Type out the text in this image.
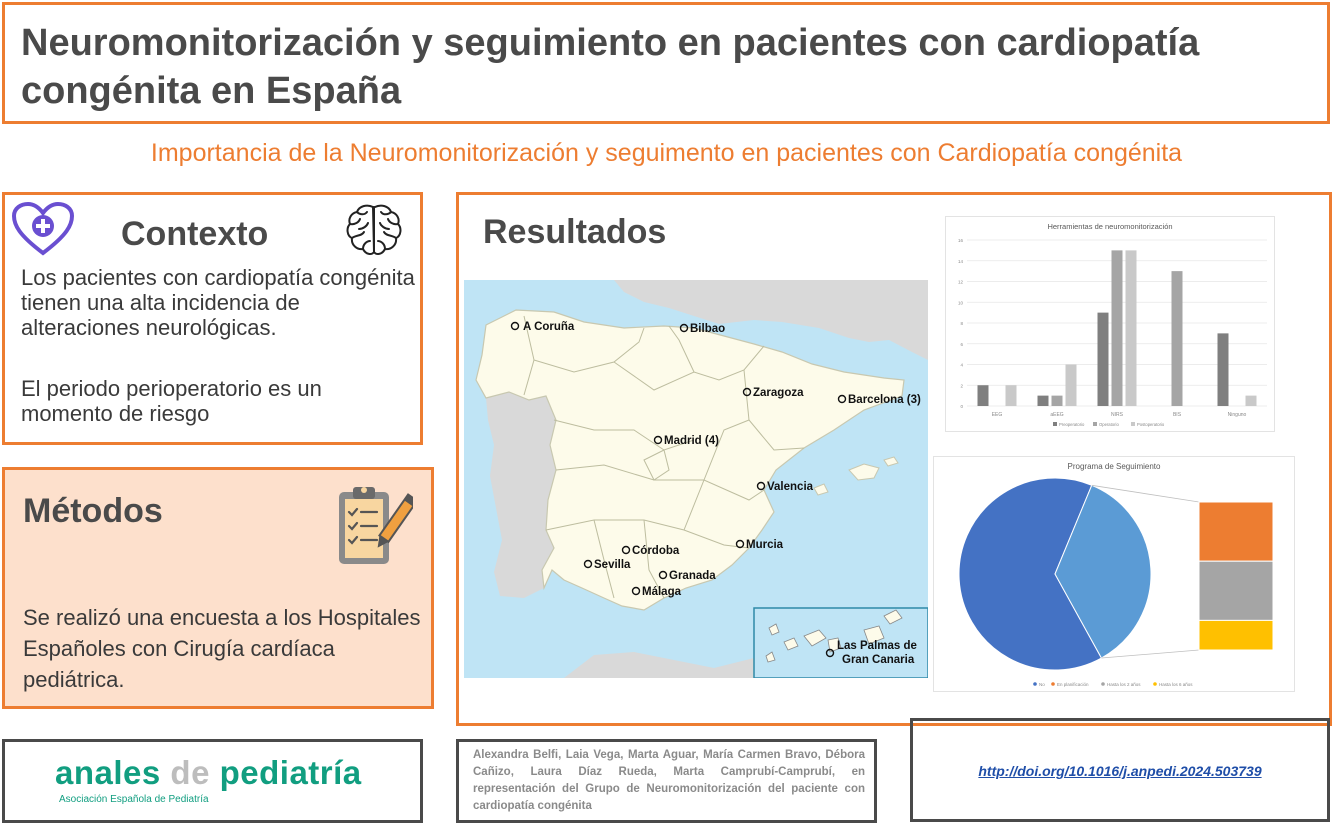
Neuromonitorización y seguimiento en pacientes con cardiopatía congénita en España
Importancia de la Neuromonitorización y seguimento en pacientes con Cardiopatía congénita
Contexto

Los pacientes con cardiopatía congénita tienen una alta incidencia de alteraciones neurológicas.

El periodo perioperatorio es un momento de riesgo

Métodos

Se realizó una encuesta a los Hospitales Españoles con Cirugía cardíaca pediátrica.

Resultados
A Coruña	Bilbao
Zaragoza
Barcelona (3)
Madrid (4)
Valencia
Córdoba
Sevilla
Granada
Murcia
Málaga
Las Palmas de
Gran Canaria
Herramientas de neuromonitorización
16
14
12
10
8
6
4
2
0
EEG	aEEG	NIRS	BIS	Ninguno
Preoperatorio	Operatorio	Postoperatorio
Programa de Seguimiento
No	En planificación	Hasta los 2 años	Hasta los 6 años
anales de pediatría
Asociación Española de Pediatría

Alexandra Belfi, Laia Vega, Marta Aguar, María Carmen Bravo, Débora Cañizo, Laura Díaz Rueda, Marta Camprubí-Camprubí, en representación del Grupo de Neuromonitorización del paciente con cardiopatía congénita

http://doi.org/10.1016/j.anpedi.2024.503739
